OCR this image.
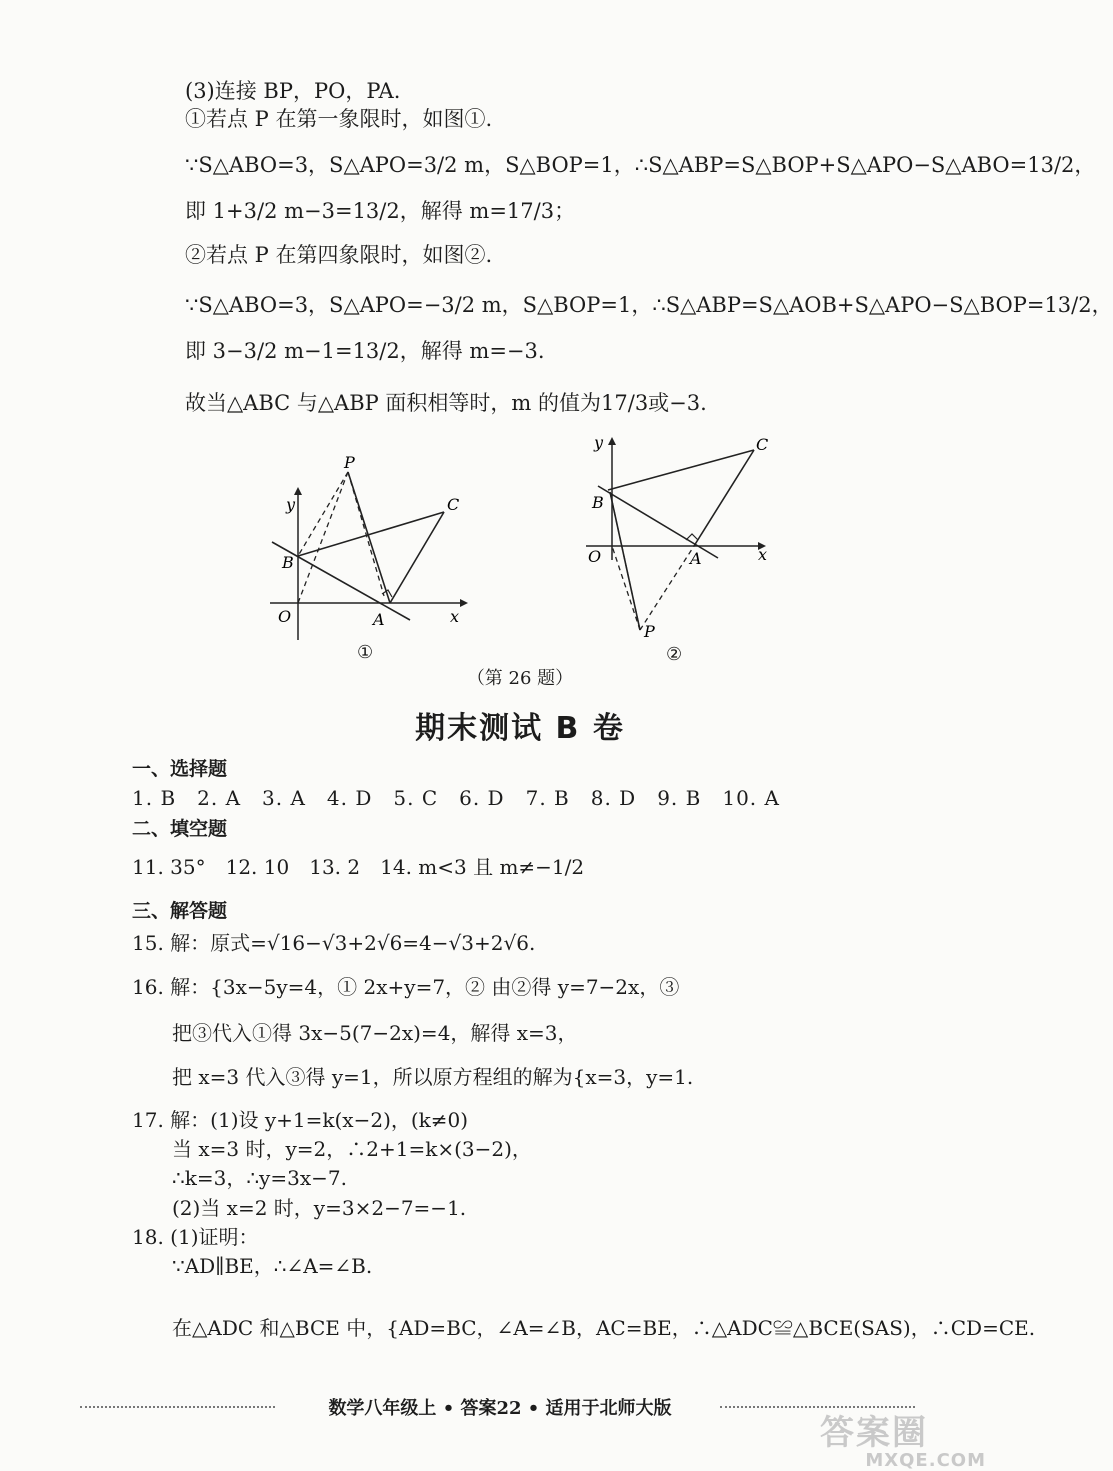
(3)连接 BP，PO，PA.
①若点 P 在第一象限时，如图①.
∵S△ABO=3，S△APO=3/2 m，S△BOP=1，∴S△ABP=S△BOP+S△APO−S△ABO=13/2，
即 1+3/2 m−3=13/2，解得 m=17/3；
②若点 P 在第四象限时，如图②.
∵S△ABO=3，S△APO=−3/2 m，S△BOP=1，∴S△ABP=S△AOB+S△APO−S△BOP=13/2，
即 3−3/2 m−1=13/2，解得 m=−3.
故当△ABC 与△ABP 面积相等时，m 的值为17/3或−3.
P
C
B
y
O	A	x
①
y	C
B
O	A	x
P
②
（第 26 题）
期末测试 B 卷
一、选择题
1. B　2. A　3. A　4. D　5. C　6. D　7. B　8. D　9. B　10. A
二、填空题
11. 35°　12. 10　13. 2　14. m<3 且 m≠−1/2
三、解答题
15. 解：原式=√16−√3+2√6=4−√3+2√6.
16. 解：{3x−5y=4，① 2x+y=7，② 由②得 y=7−2x，③
把③代入①得 3x−5(7−2x)=4，解得 x=3，
把 x=3 代入③得 y=1，所以原方程组的解为{x=3，y=1.
17. 解：(1)设 y+1=k(x−2)，(k≠0)
当 x=3 时，y=2，∴2+1=k×(3−2)，
∴k=3，∴y=3x−7.
(2)当 x=2 时，y=3×2−7=−1.
18. (1)证明：
∵AD∥BE，∴∠A=∠B.
在△ADC 和△BCE 中，{AD=BC，∠A=∠B，AC=BE，∴△ADC≌△BCE(SAS)，∴CD=CE.
数学八年级上 • 答案22 • 适用于北师大版
答案圈
MXQE.COM
